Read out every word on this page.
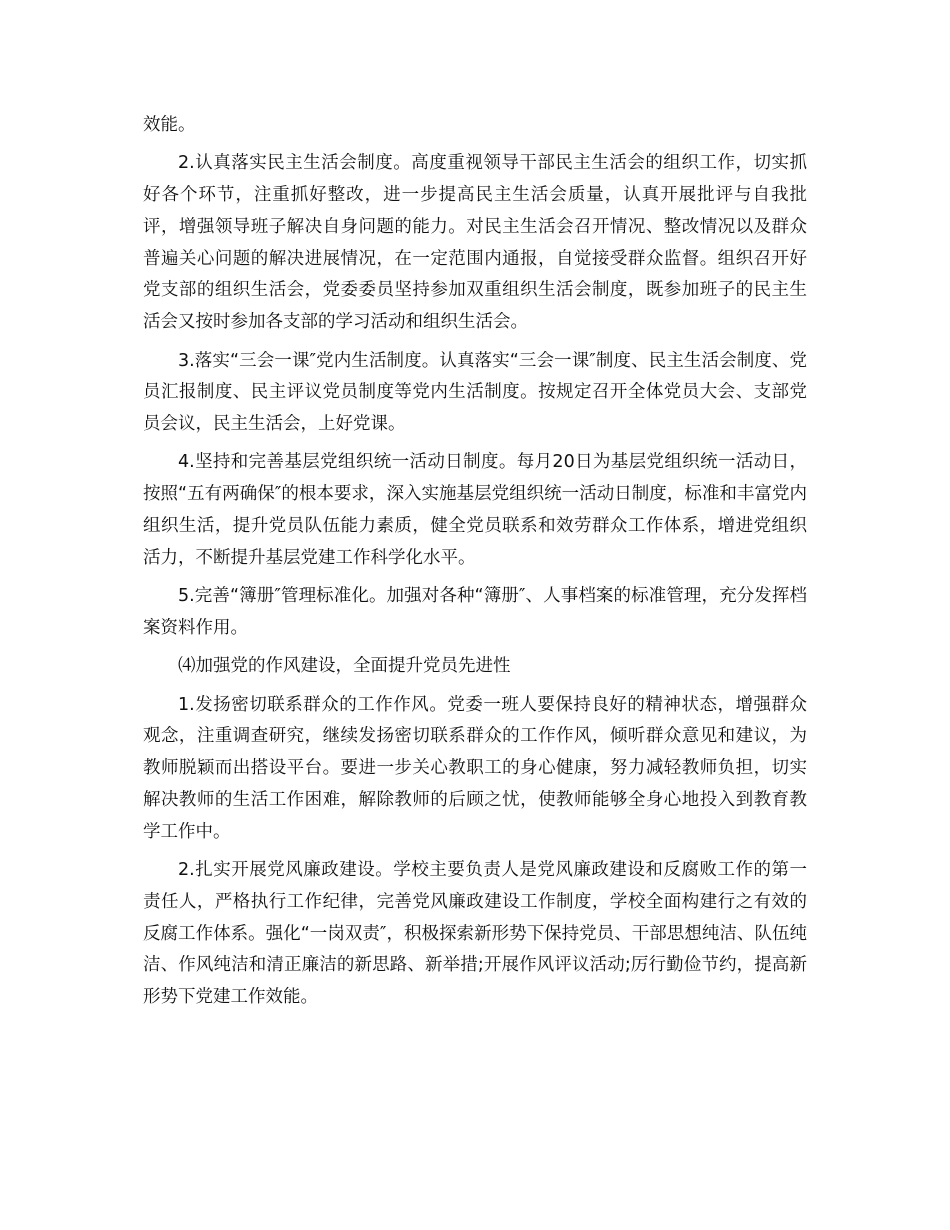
效能。

2.认真落实民主生活会制度。高度重视领导干部民主生活会的组织工作，切实抓好各个环节，注重抓好整改，进一步提高民主生活会质量，认真开展批评与自我批评，增强领导班子解决自身问题的能力。对民主生活会召开情况、整改情况以及群众普遍关心问题的解决进展情况，在一定范围内通报，自觉接受群众监督。组织召开好党支部的组织生活会，党委委员坚持参加双重组织生活会制度，既参加班子的民主生活会又按时参加各支部的学习活动和组织生活会。

3.落实“三会一课″党内生活制度。认真落实“三会一课″制度、民主生活会制度、党员汇报制度、民主评议党员制度等党内生活制度。按规定召开全体党员大会、支部党员会议，民主生活会，上好党课。

4.坚持和完善基层党组织统一活动日制度。每月20日为基层党组织统一活动日，按照“五有两确保″的根本要求，深入实施基层党组织统一活动日制度，标准和丰富党内组织生活，提升党员队伍能力素质，健全党员联系和效劳群众工作体系，增进党组织活力，不断提升基层党建工作科学化水平。

5.完善“簿册″管理标准化。加强对各种“簿册″、人事档案的标准管理，充分发挥档案资料作用。

⑷加强党的作风建设，全面提升党员先进性

1.发扬密切联系群众的工作作风。党委一班人要保持良好的精神状态，增强群众观念，注重调查研究，继续发扬密切联系群众的工作作风，倾听群众意见和建议，为教师脱颖而出搭设平台。要进一步关心教职工的身心健康，努力减轻教师负担，切实解决教师的生活工作困难，解除教师的后顾之忧，使教师能够全身心地投入到教育教学工作中。

2.扎实开展党风廉政建设。学校主要负责人是党风廉政建设和反腐败工作的第一责任人，严格执行工作纪律，完善党风廉政建设工作制度，学校全面构建行之有效的反腐工作体系。强化“一岗双责″，积极探索新形势下保持党员、干部思想纯洁、队伍纯洁、作风纯洁和清正廉洁的新思路、新举措;开展作风评议活动;厉行勤俭节约，提高新形势下党建工作效能。
